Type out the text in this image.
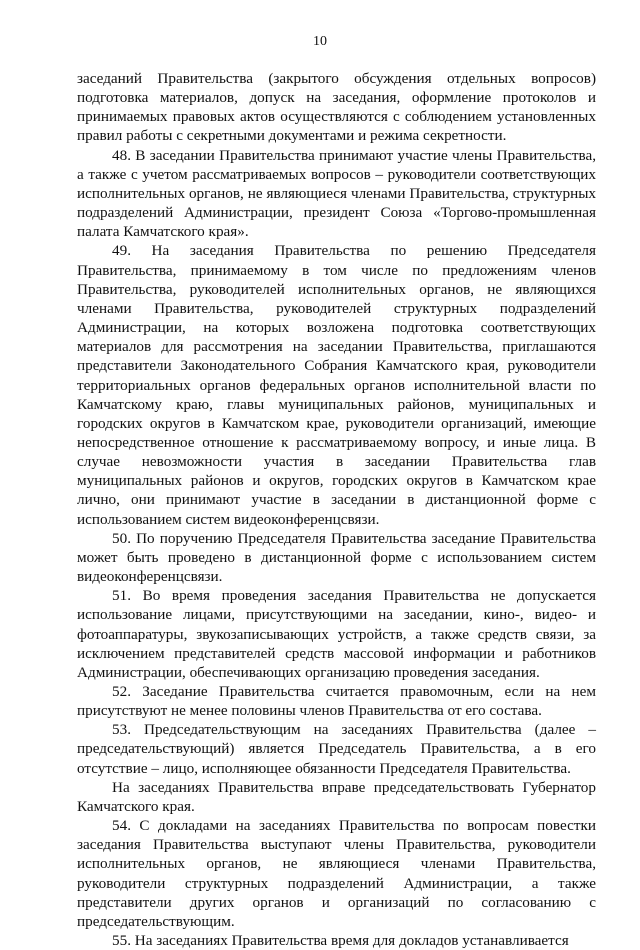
10

заседаний Правительства (закрытого обсуждения отдельных вопросов) подготовка материалов, допуск на заседания, оформление протоколов и принимаемых правовых актов осуществляются с соблюдением установленных правил работы с секретными документами и режима секретности.

48. В заседании Правительства принимают участие члены Правительства, а также с учетом рассматриваемых вопросов – руководители соответствующих исполнительных органов, не являющиеся членами Правительства, структурных подразделений Администрации, президент Союза «Торгово-промышленная палата Камчатского края».

49. На заседания Правительства по решению Председателя Правительства, принимаемому в том числе по предложениям членов Правительства, руководителей исполнительных органов, не являющихся членами Правительства, руководителей структурных подразделений Администрации, на которых возложена подготовка соответствующих материалов для рассмотрения на заседании Правительства, приглашаются представители Законодательного Собрания Камчатского края, руководители территориальных органов федеральных органов исполнительной власти по Камчатскому краю, главы муниципальных районов, муниципальных и городских округов в Камчатском крае, руководители организаций, имеющие непосредственное отношение к рассматриваемому вопросу, и иные лица. В случае невозможности участия в заседании Правительства глав муниципальных районов и округов, городских округов в Камчатском крае лично, они принимают участие в заседании в дистанционной форме с использованием систем видеоконференцсвязи.

50. По поручению Председателя Правительства заседание Правительства может быть проведено в дистанционной форме с использованием систем видеоконференцсвязи.

51. Во время проведения заседания Правительства не допускается использование лицами, присутствующими на заседании, кино-, видео- и фотоаппаратуры, звукозаписывающих устройств, а также средств связи, за исключением представителей средств массовой информации и работников Администрации, обеспечивающих организацию проведения заседания.

52. Заседание Правительства считается правомочным, если на нем присутствуют не менее половины членов Правительства от его состава.

53. Председательствующим на заседаниях Правительства (далее – председательствующий) является Председатель Правительства, а в его отсутствие – лицо, исполняющее обязанности Председателя Правительства.

На заседаниях Правительства вправе председательствовать Губернатор Камчатского края.

54. С докладами на заседаниях Правительства по вопросам повестки заседания Правительства выступают члены Правительства, руководители исполнительных органов, не являющиеся членами Правительства, руководители структурных подразделений Администрации, а также представители других органов и организаций по согласованию с председательствующим.

55. На заседаниях Правительства время для докладов устанавливается
